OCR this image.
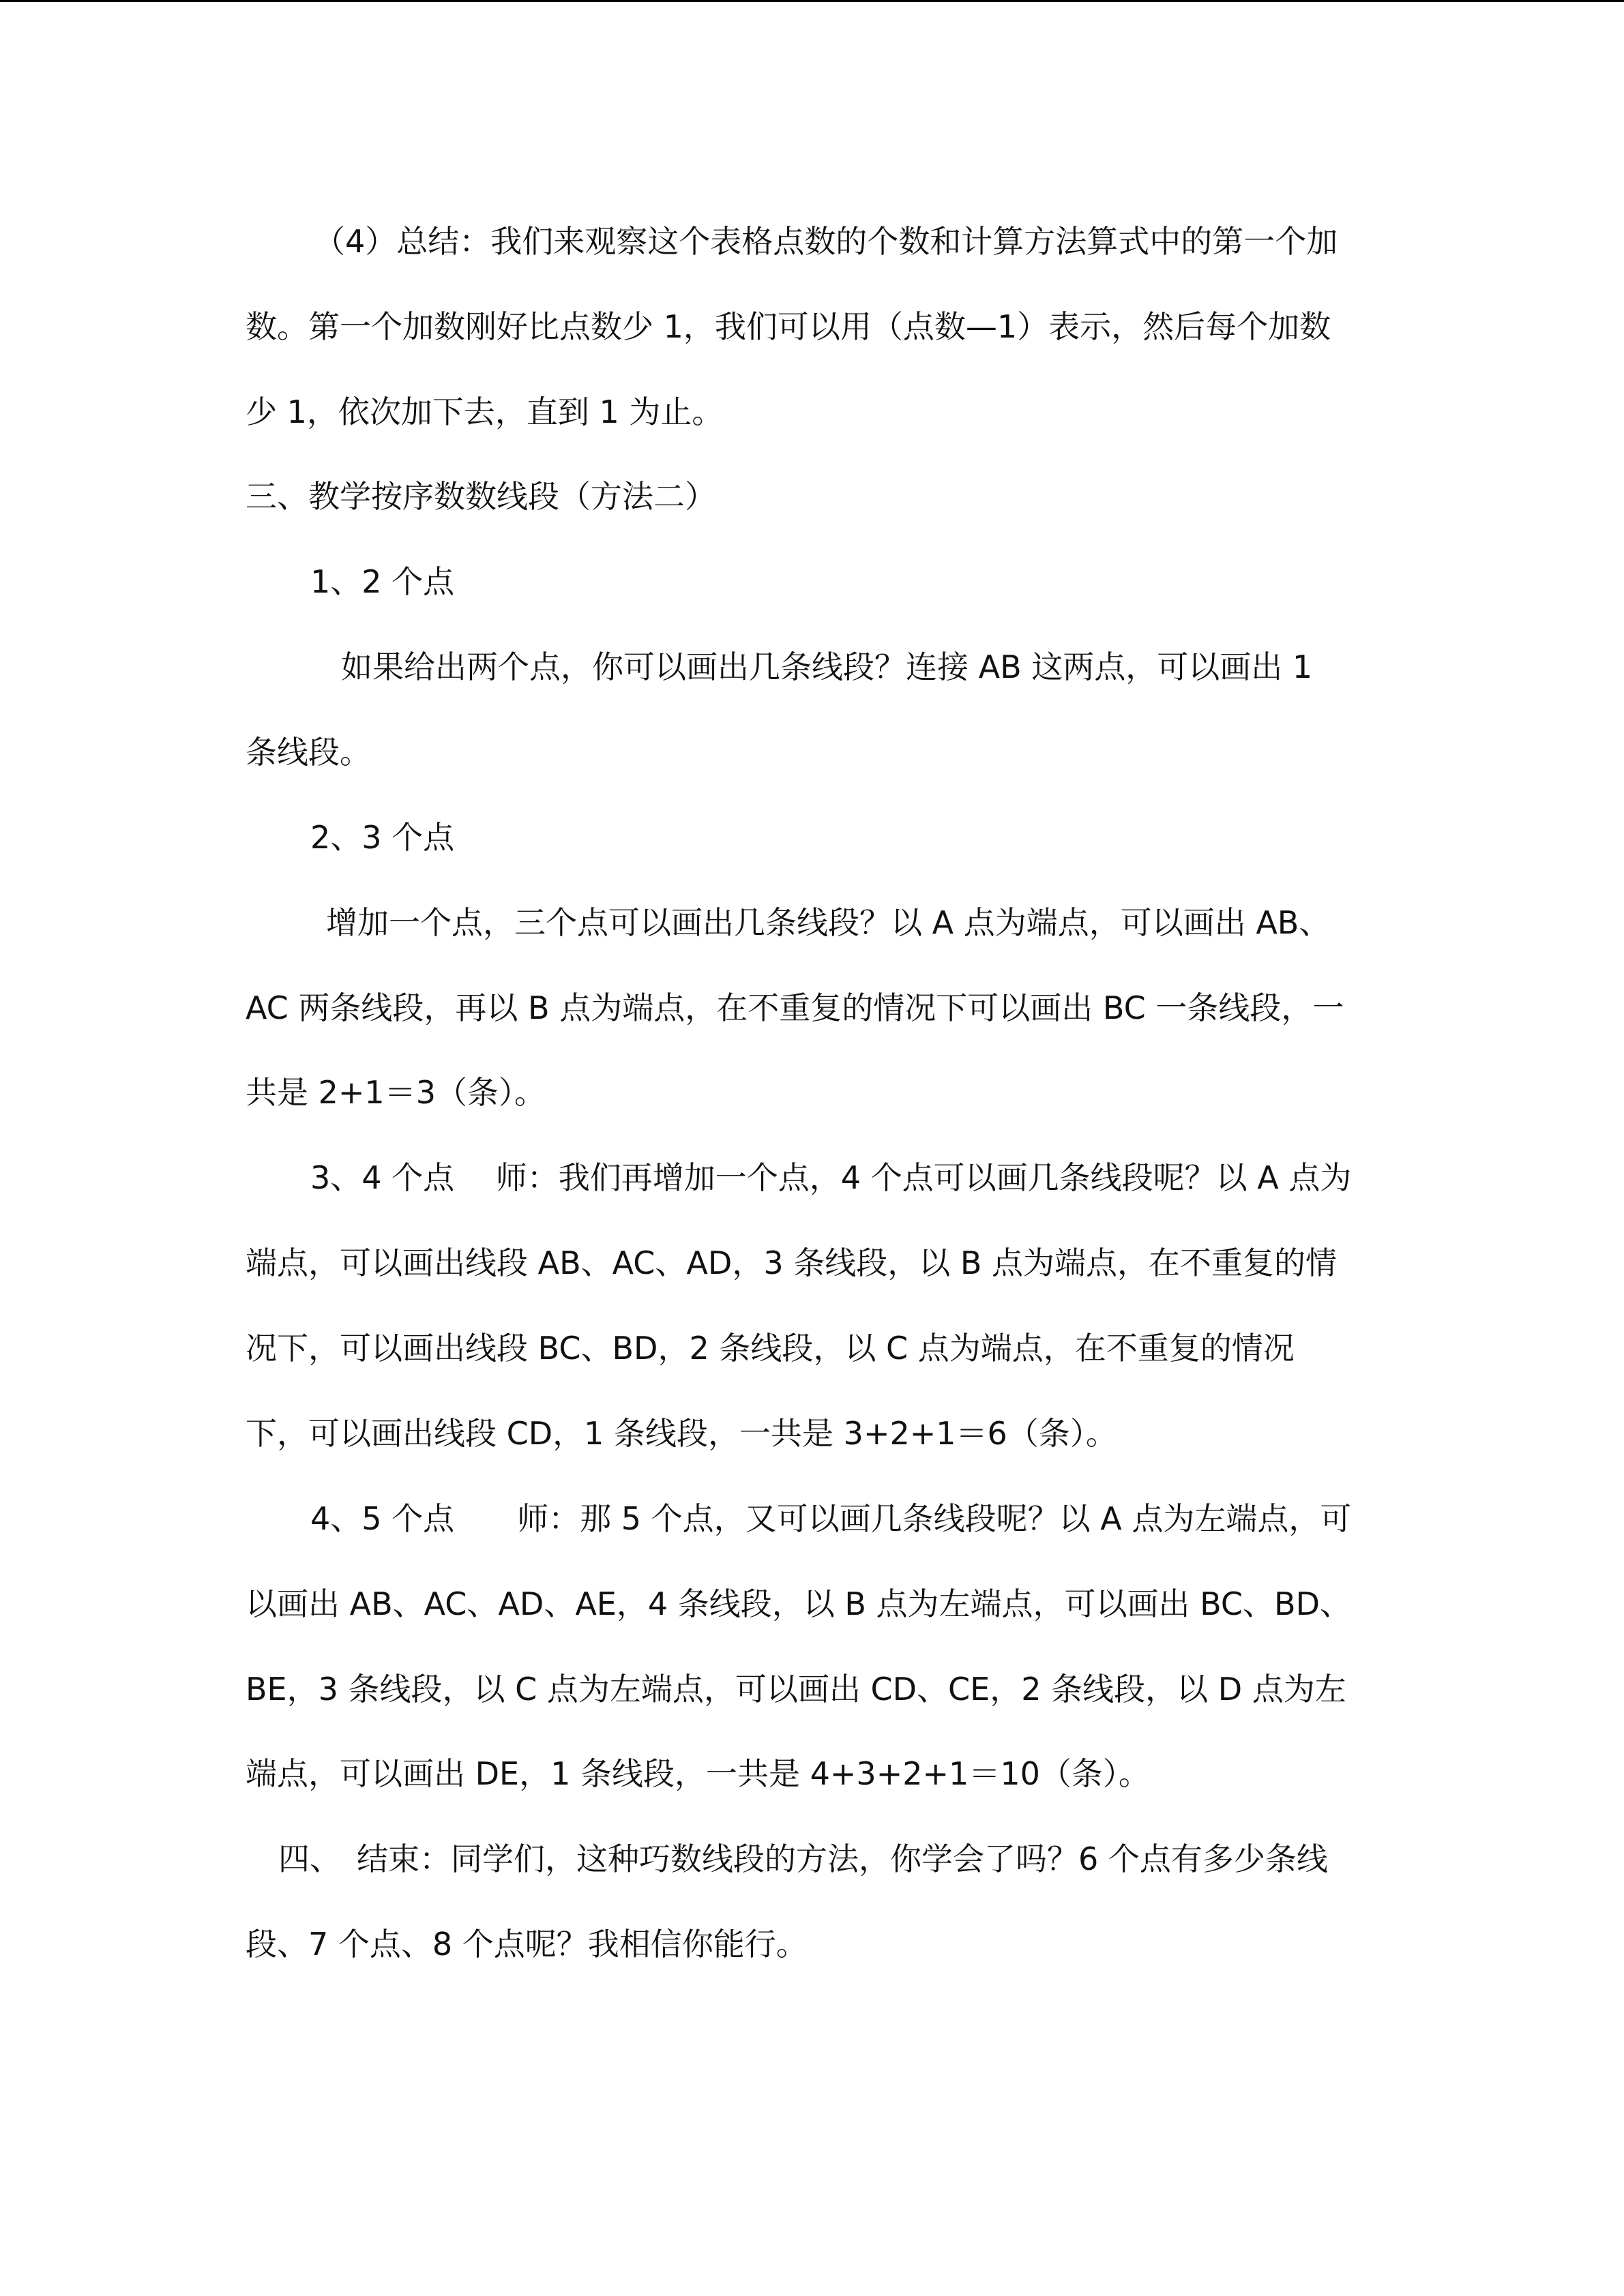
（4）总结：我们来观察这个表格点数的个数和计算方法算式中的第一个加

数。第一个加数刚好比点数少 1，我们可以用（点数—1）表示，然后每个加数

少 1，依次加下去，直到 1 为止。

三、教学按序数数线段（方法二）

1、2 个点

如果给出两个点，你可以画出几条线段？连接 AB 这两点，可以画出 1

条线段。

2、3 个点

增加一个点，三个点可以画出几条线段？以 A 点为端点，可以画出 AB、

AC 两条线段，再以 B 点为端点，在不重复的情况下可以画出 BC 一条线段，一

共是 2+1＝3（条）。

3、4 个点　 师：我们再增加一个点，4 个点可以画几条线段呢？以 A 点为

端点，可以画出线段 AB、AC、AD，3 条线段，以 B 点为端点，在不重复的情

况下，可以画出线段 BC、BD，2 条线段，以 C 点为端点，在不重复的情况

下，可以画出线段 CD，1 条线段，一共是 3+2+1＝6（条）。

4、5 个点　　师：那 5 个点，又可以画几条线段呢？以 A 点为左端点，可

以画出 AB、AC、AD、AE，4 条线段，以 B 点为左端点，可以画出 BC、BD、

BE，3 条线段，以 C 点为左端点，可以画出 CD、CE，2 条线段，以 D 点为左

端点，可以画出 DE，1 条线段，一共是 4+3+2+1＝10（条）。

四、　结束：同学们，这种巧数线段的方法，你学会了吗？6 个点有多少条线

段、7 个点、8 个点呢？我相信你能行。
